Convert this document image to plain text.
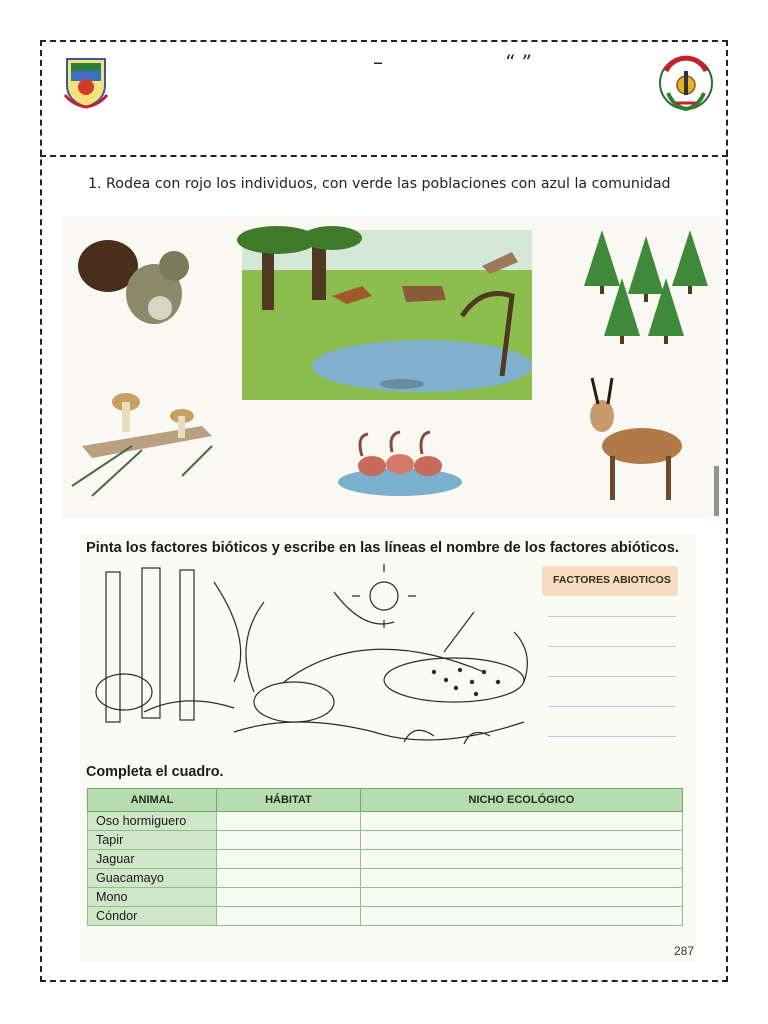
–	“ ”
1. Rodea con rojo los individuos, con verde las poblaciones con azul la comunidad
Pinta los factores bióticos y escribe en las líneas el nombre de los factores abióticos.
FACTORES ABIOTICOS
Completa el cuadro.
ANIMAL	HÁBITAT	NICHO ECOLÓGICO
Oso hormiguero		
Tapir		
Jaguar		
Guacamayo		
Mono		
Cóndor		
287
